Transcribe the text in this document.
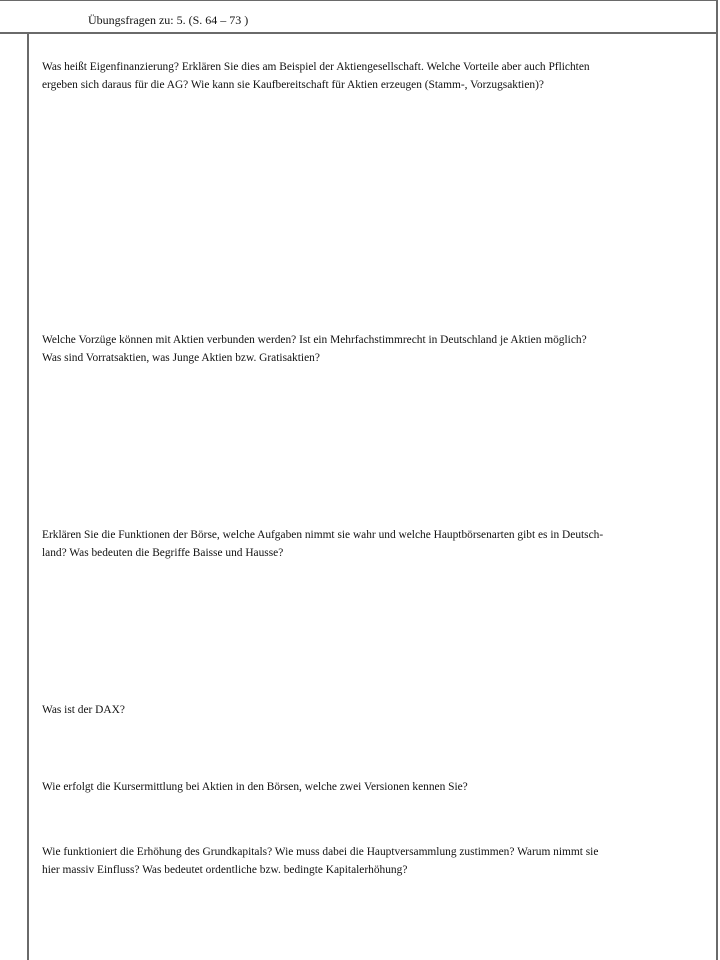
Übungsfragen zu: 5. (S. 64 – 73 )
Was heißt Eigenfinanzierung? Erklären Sie dies am Beispiel der Aktiengesellschaft. Welche Vorteile aber auch Pflichten
ergeben sich daraus für die AG? Wie kann sie Kaufbereitschaft für Aktien erzeugen (Stamm-, Vorzugsaktien)?
Welche Vorzüge können mit Aktien verbunden werden? Ist ein Mehrfachstimmrecht in Deutschland je Aktien möglich?
Was sind Vorratsaktien, was Junge Aktien bzw. Gratisaktien?
Erklären Sie die Funktionen der Börse, welche Aufgaben nimmt sie wahr und welche Hauptbörsenarten gibt es in Deutsch-
land? Was bedeuten die Begriffe Baisse und Hausse?
Was ist der DAX?
Wie erfolgt die Kursermittlung bei Aktien in den Börsen, welche zwei Versionen kennen Sie?
Wie funktioniert die Erhöhung des Grundkapitals? Wie muss dabei die Hauptversammlung zustimmen? Warum nimmt sie
hier massiv Einfluss? Was bedeutet ordentliche bzw. bedingte Kapitalerhöhung?
